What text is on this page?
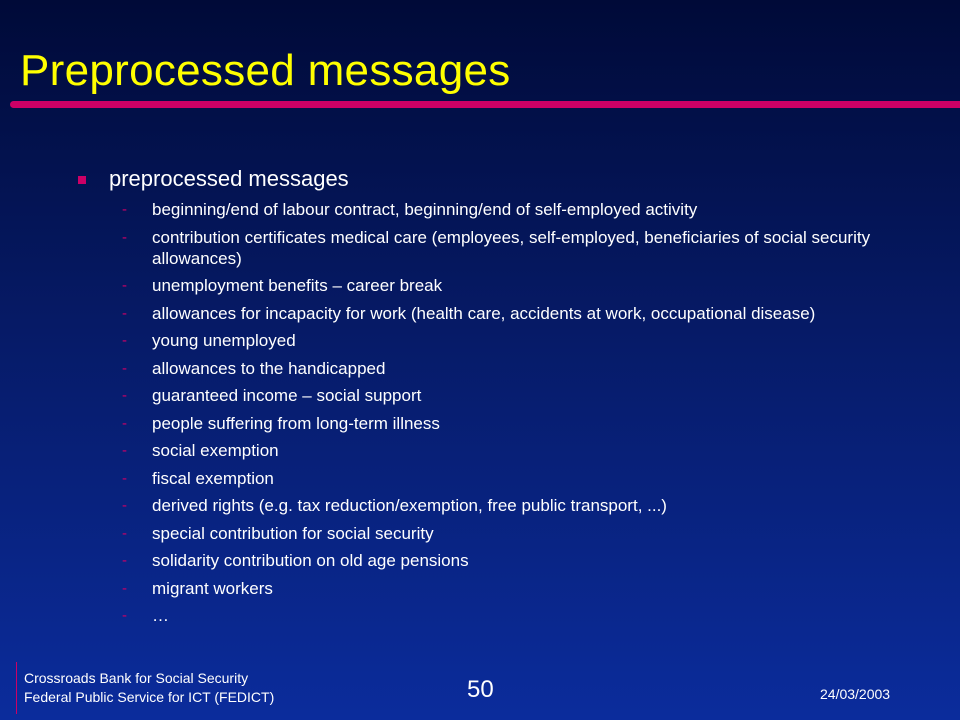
Preprocessed messages
preprocessed messages
- beginning/end of labour contract, beginning/end of self-employed activity
- contribution certificates medical care (employees, self-employed, beneficiaries of social security allowances)
- unemployment benefits – career break
- allowances for incapacity for work (health care, accidents at work, occupational disease)
- young unemployed
- allowances to the handicapped
- guaranteed income – social support
- people suffering from long-term illness
- social exemption
- fiscal exemption
- derived rights (e.g. tax reduction/exemption, free public transport, ...)
- special contribution for social security
- solidarity contribution on old age pensions
- migrant workers
- …
Crossroads Bank for Social Security
Federal Public Service for ICT (FEDICT)	50	24/03/2003
